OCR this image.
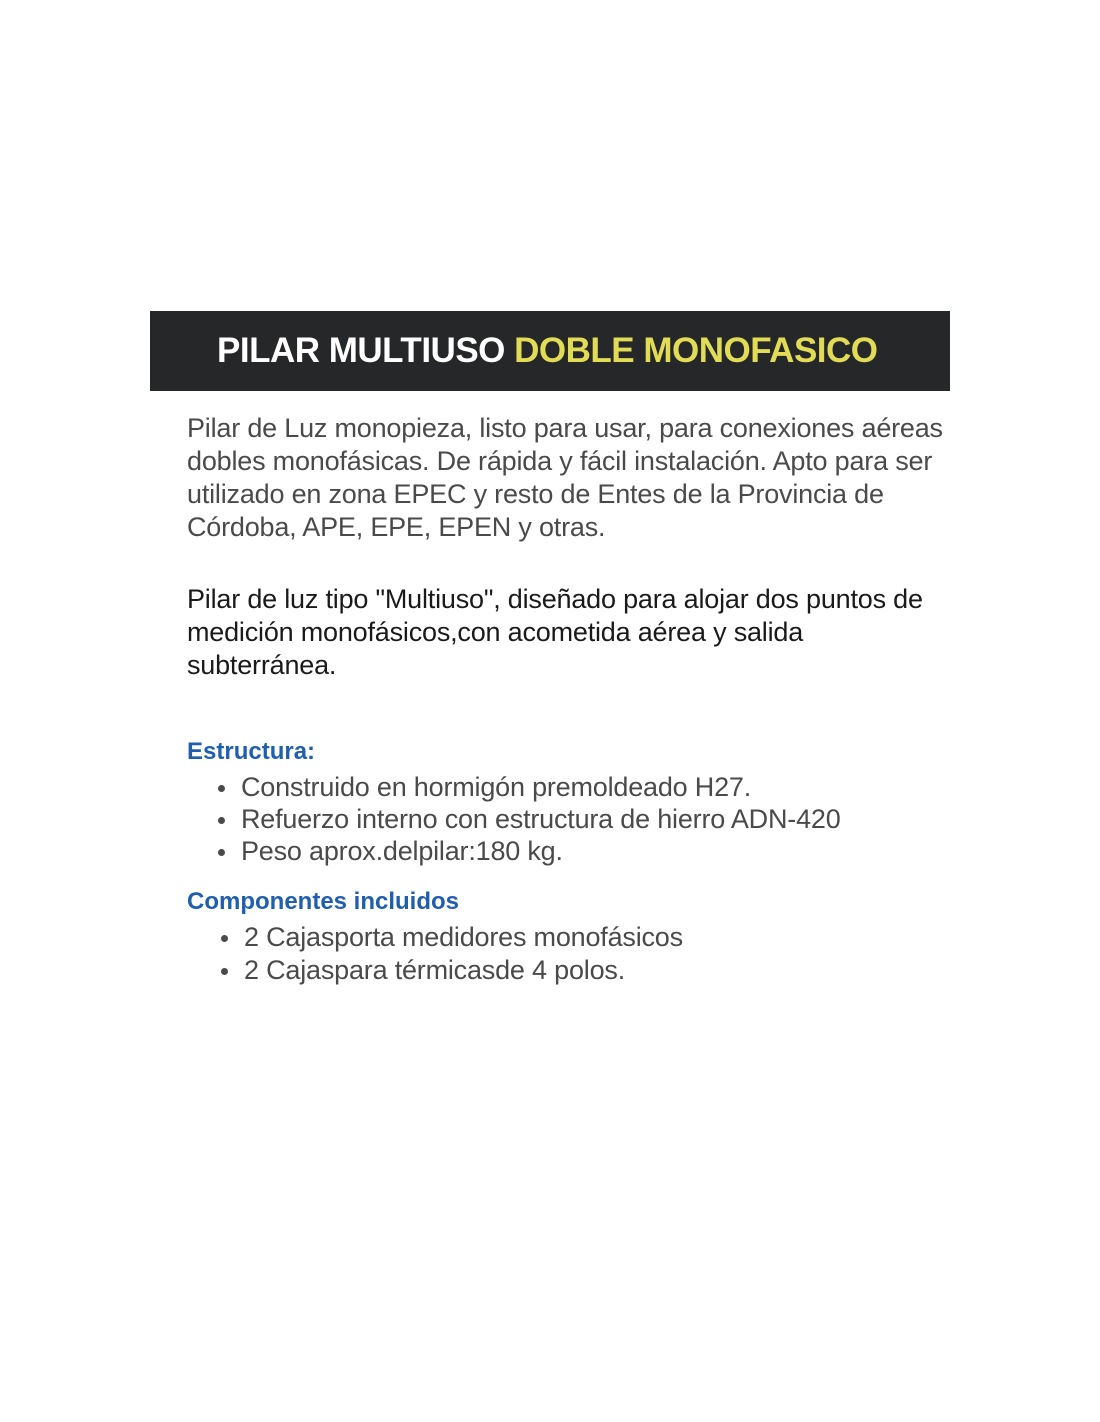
PILAR MULTIUSO DOBLE MONOFASICO

Pilar de Luz monopieza, listo para usar, para conexiones aéreas dobles monofásicas. De rápida y fácil instalación. Apto para ser utilizado en zona EPEC y resto de Entes de la Provincia de Córdoba, APE, EPE, EPEN y otras.

Pilar de luz tipo "Multiuso", diseñado para alojar dos puntos de medición monofásicos,con acometida aérea y salida subterránea.

Estructura:
Construido en hormigón premoldeado H27.
Refuerzo interno con estructura de hierro ADN-420
Peso aprox.delpilar:180 kg.
Componentes incluidos
2 Cajasporta medidores monofásicos
2 Cajaspara térmicasde 4 polos.
